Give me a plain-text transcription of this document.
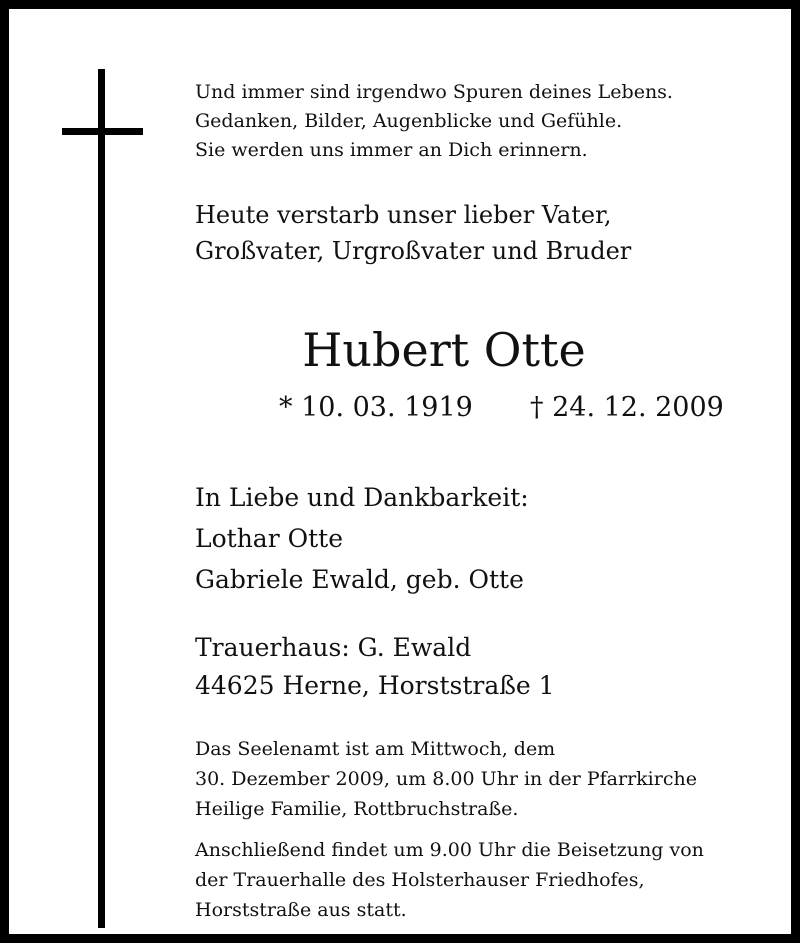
Und immer sind irgendwo Spuren deines Lebens.
Gedanken, Bilder, Augenblicke und Gefühle.
Sie werden uns immer an Dich erinnern.
Heute verstarb unser lieber Vater,
Großvater, Urgroßvater und Bruder
Hubert Otte
* 10. 03. 1919 † 24. 12. 2009
In Liebe und Dankbarkeit:
Lothar Otte
Gabriele Ewald, geb. Otte
Trauerhaus: G. Ewald
44625 Herne, Horststraße 1
Das Seelenamt ist am Mittwoch, dem
30. Dezember 2009, um 8.00 Uhr in der Pfarrkirche
Heilige Familie, Rottbruchstraße.
Anschließend findet um 9.00 Uhr die Beisetzung von
der Trauerhalle des Holsterhauser Friedhofes,
Horststraße aus statt.
